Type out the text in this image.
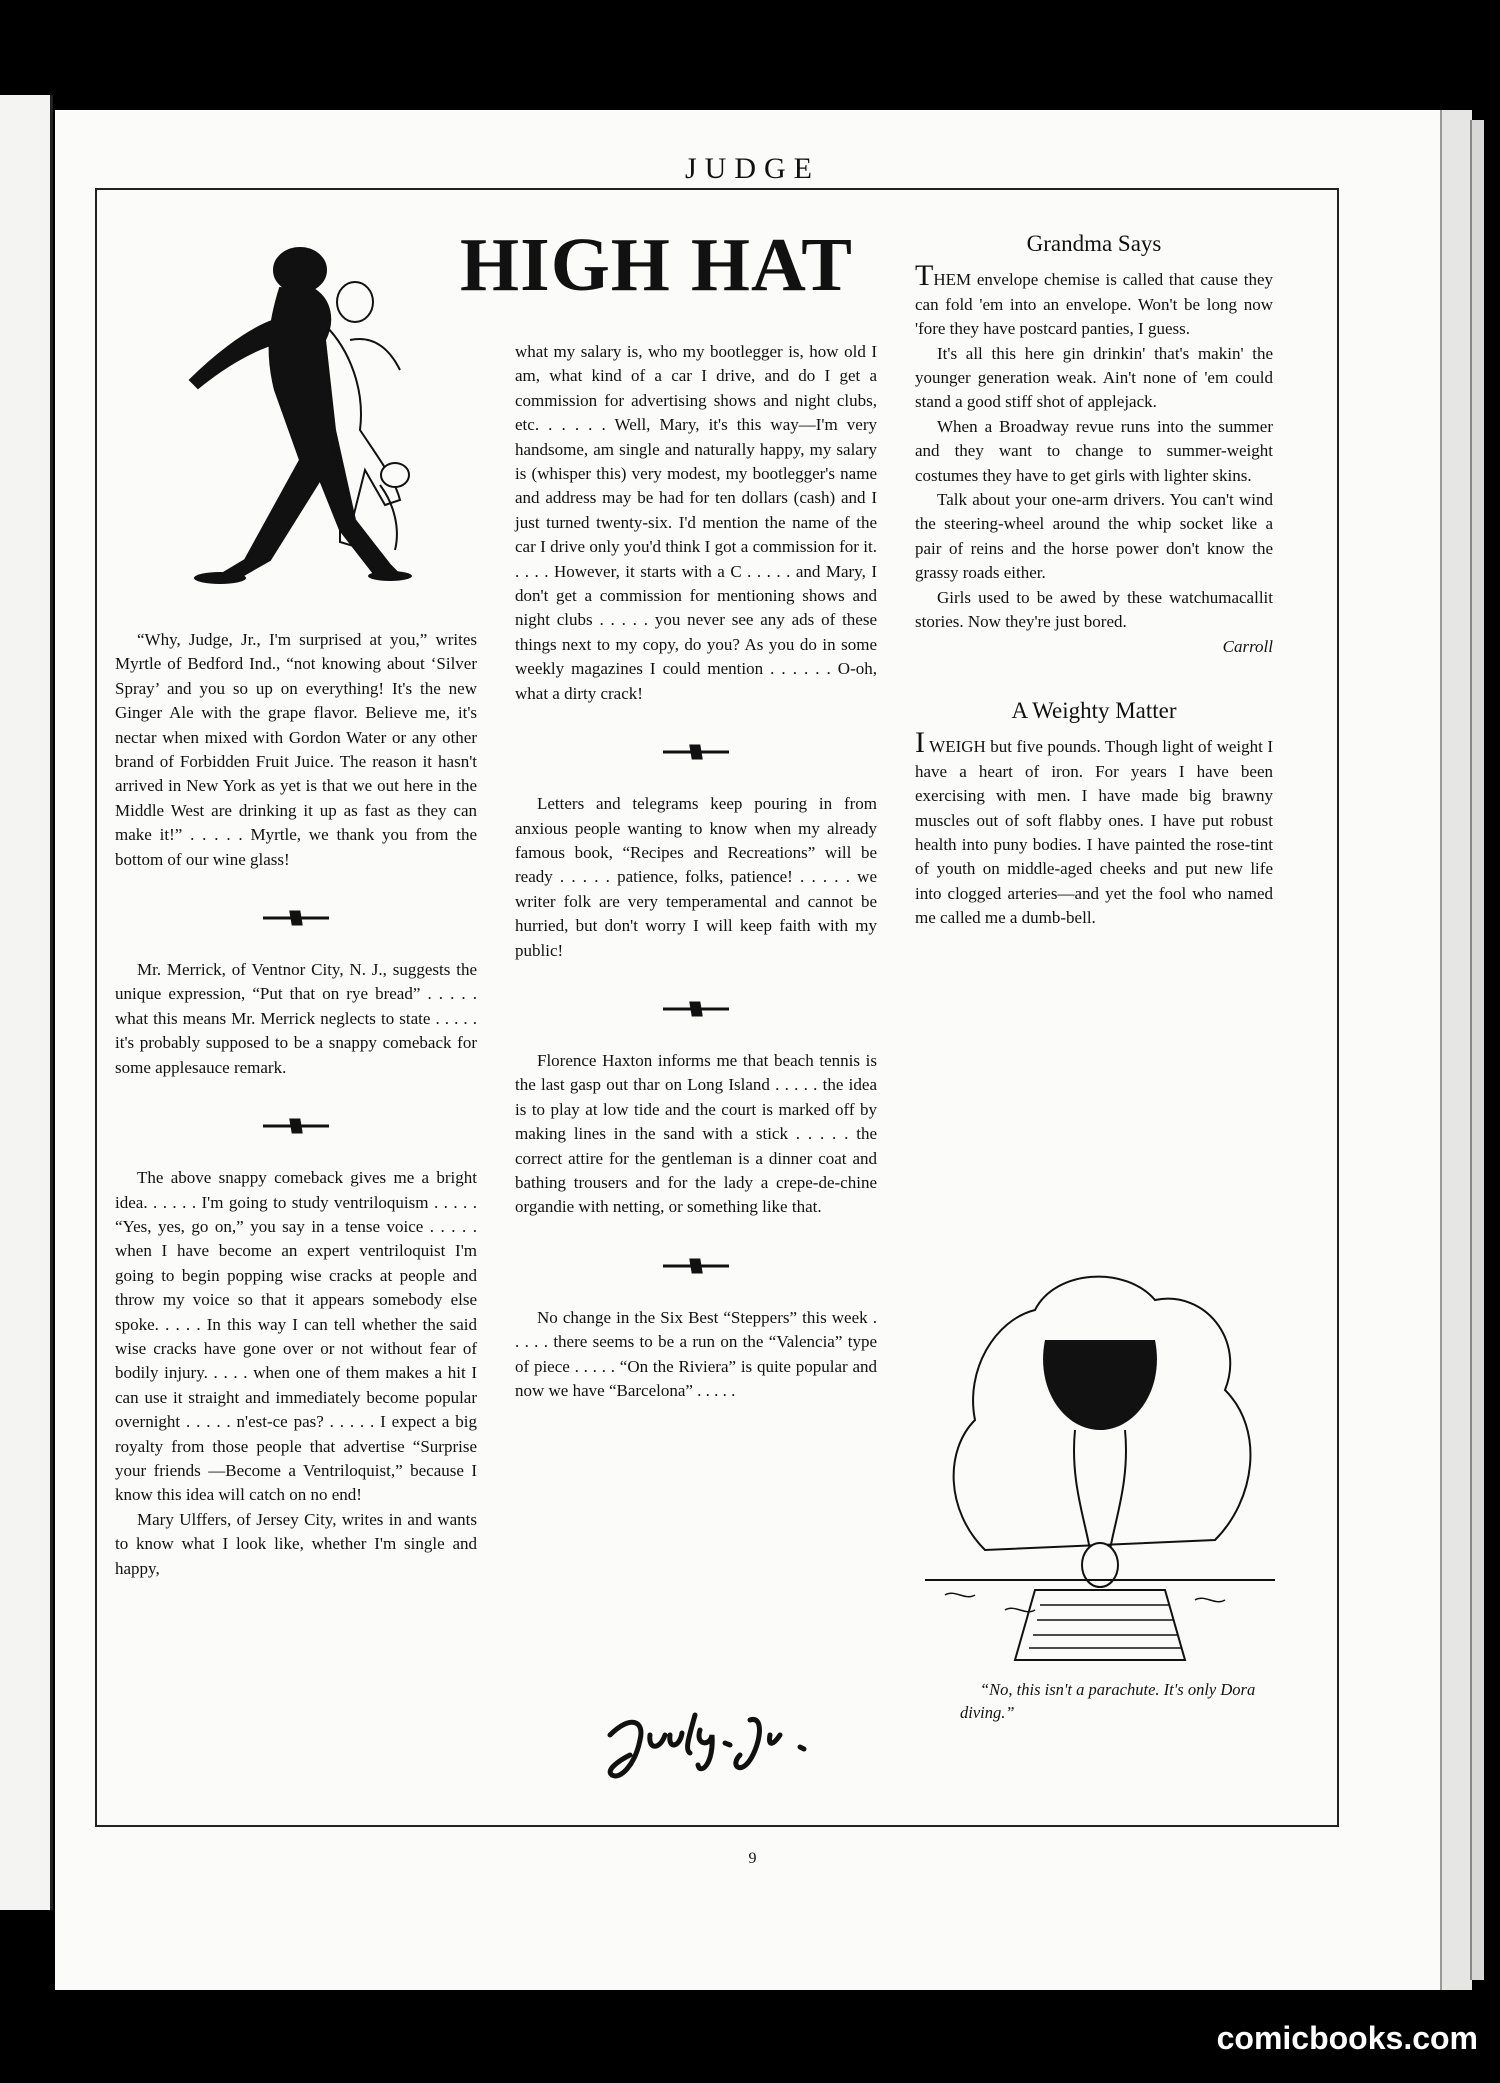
JUDGE
HIGH HAT

“Why, Judge, Jr., I'm surprised at you,” writes Myrtle of Bedford Ind., “not knowing about ‘Silver Spray’ and you so up on everything! It's the new Ginger Ale with the grape flavor. Believe me, it's nectar when mixed with Gordon Water or any other brand of Forbidden Fruit Juice. The reason it hasn't arrived in New York as yet is that we out here in the Middle West are drinking it up as fast as they can make it!” . . . . . Myrtle, we thank you from the bottom of our wine glass!

Mr. Merrick, of Ventnor City, N. J., suggests the unique expression, “Put that on rye bread” . . . . . what this means Mr. Merrick neglects to state . . . . . it's probably supposed to be a snappy comeback for some applesauce remark.

The above snappy comeback gives me a bright idea. . . . . . I'm going to study ventriloquism . . . . . “Yes, yes, go on,” you say in a tense voice . . . . . when I have become an expert ventriloquist I'm going to begin popping wise cracks at people and throw my voice so that it appears somebody else spoke. . . . . In this way I can tell whether the said wise cracks have gone over or not without fear of bodily injury. . . . . when one of them makes a hit I can use it straight and immediately become popular overnight . . . . . n'est-ce pas? . . . . . I expect a big royalty from those people that advertise “Surprise your friends —Become a Ventriloquist,” because I know this idea will catch on no end!

Mary Ulffers, of Jersey City, writes in and wants to know what I look like, whether I'm single and happy,

what my salary is, who my bootlegger is, how old I am, what kind of a car I drive, and do I get a commission for advertising shows and night clubs, etc. . . . . . Well, Mary, it's this way—I'm very handsome, am single and naturally happy, my salary is (whisper this) very modest, my bootlegger's name and address may be had for ten dollars (cash) and I just turned twenty-six. I'd mention the name of the car I drive only you'd think I got a commission for it. . . . . However, it starts with a C . . . . . and Mary, I don't get a commission for mentioning shows and night clubs . . . . . you never see any ads of these things next to my copy, do you? As you do in some weekly magazines I could mention . . . . . . O-oh, what a dirty crack!

Letters and telegrams keep pouring in from anxious people wanting to know when my already famous book, “Recipes and Recreations” will be ready . . . . . patience, folks, patience! . . . . . we writer folk are very temperamental and cannot be hurried, but don't worry I will keep faith with my public!

Florence Haxton informs me that beach tennis is the last gasp out thar on Long Island . . . . . the idea is to play at low tide and the court is marked off by making lines in the sand with a stick . . . . . the correct attire for the gentleman is a dinner coat and bathing trousers and for the lady a crepe-de-chine organdie with netting, or something like that.

No change in the Six Best “Steppers” this week . . . . . there seems to be a run on the “Valencia” type of piece . . . . . “On the Riviera” is quite popular and now we have “Barcelona” . . . . .

Grandma Says

THEM envelope chemise is called that cause they can fold 'em into an envelope. Won't be long now 'fore they have postcard panties, I guess.

It's all this here gin drinkin' that's makin' the younger generation weak. Ain't none of 'em could stand a good stiff shot of applejack.

When a Broadway revue runs into the summer and they want to change to summer-weight costumes they have to get girls with lighter skins.

Talk about your one-arm drivers. You can't wind the steering-wheel around the whip socket like a pair of reins and the horse power don't know the grassy roads either.

Girls used to be awed by these watchumacallit stories. Now they're just bored.

Carroll

A Weighty Matter

I WEIGH but five pounds. Though light of weight I have a heart of iron. For years I have been exercising with men. I have made big brawny muscles out of soft flabby ones. I have put robust health into puny bodies. I have painted the rose-tint of youth on middle-aged cheeks and put new life into clogged arteries—and yet the fool who named me called me a dumb-bell.

“No, this isn't a parachute. It's only Dora diving.”
9
comicbooks.com
